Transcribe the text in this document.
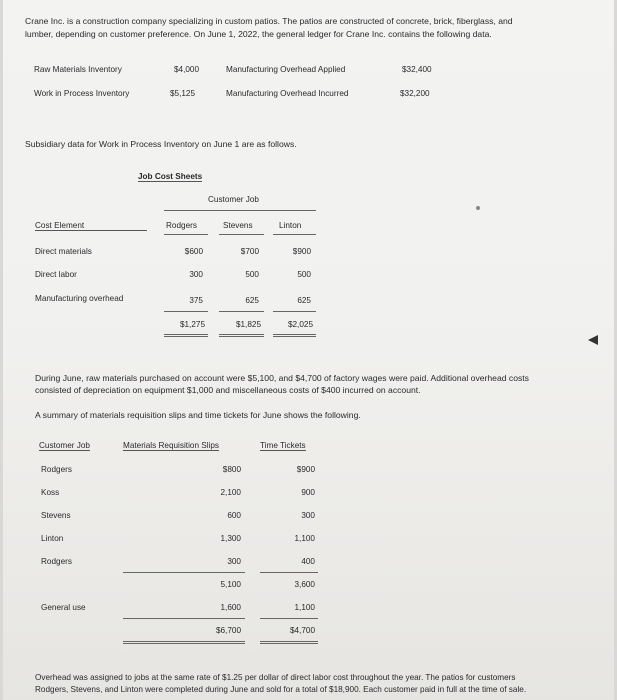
Crane Inc. is a construction company specializing in custom patios. The patios are constructed of concrete, brick, fiberglass, and
lumber, depending on customer preference. On June 1, 2022, the general ledger for Crane Inc. contains the following data.
Raw Materials Inventory	$4,000	Manufacturing Overhead Applied	$32,400
Work in Process Inventory	$5,125	Manufacturing Overhead Incurred	$32,200
Subsidiary data for Work in Process Inventory on June 1 are as follows.
Job Cost Sheets
Customer Job
Cost Element	Rodgers	Stevens	Linton
Direct materials	$600	$700	$900
Direct labor	300	500	500
Manufacturing overhead	375	625	625
$1,275	$1,825	$2,025
During June, raw materials purchased on account were $5,100, and $4,700 of factory wages were paid. Additional overhead costs
consisted of depreciation on equipment $1,000 and miscellaneous costs of $400 incurred on account.
A summary of materials requisition slips and time tickets for June shows the following.
Customer Job	Materials Requisition Slips	Time Tickets
Rodgers	$800	$900
Koss	2,100	900
Stevens	600	300
Linton	1,300	1,100
Rodgers	300	400
5,100	3,600
General use	1,600	1,100
$6,700	$4,700
Overhead was assigned to jobs at the same rate of $1.25 per dollar of direct labor cost throughout the year. The patios for customers
Rodgers, Stevens, and Linton were completed during June and sold for a total of $18,900. Each customer paid in full at the time of sale.
